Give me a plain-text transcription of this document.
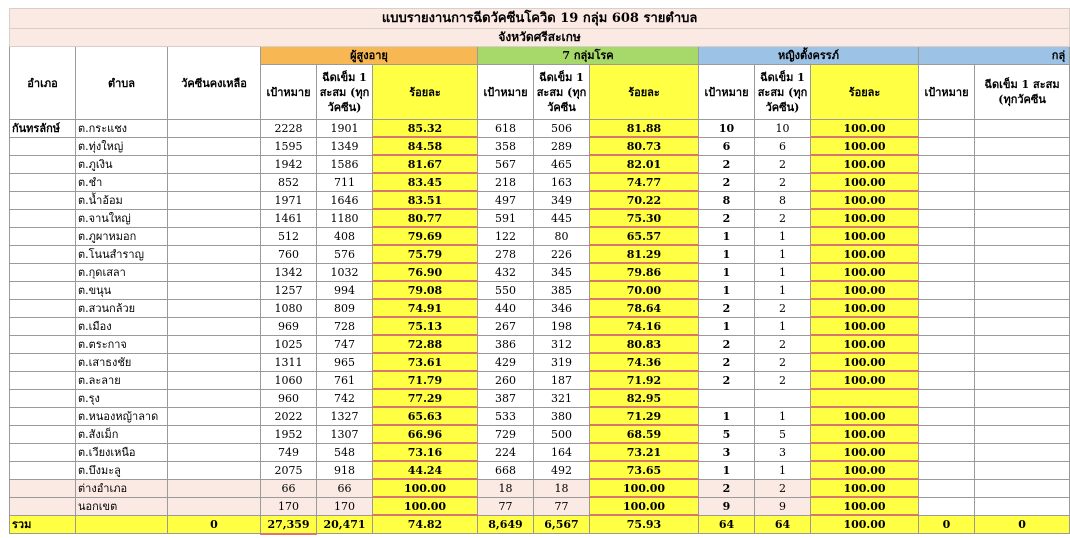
แบบรายงานการฉีดวัคซีนโควิด 19 กลุ่ม 608 รายตำบล													
จังหวัดศรีสะเกษ													
อำเภอ	ตำบล	วัคซีนคงเหลือ	ผู้สูงอายุ			7 กลุ่มโรค			หญิงตั้งครรภ์			กลุ่	
			เป้าหมาย	ฉีดเข็ม 1 สะสม (ทุกวัคซีน)	ร้อยละ	เป้าหมาย	ฉีดเข็ม 1 สะสม (ทุกวัคซีน	ร้อยละ	เป้าหมาย	ฉีดเข็ม 1 สะสม (ทุกวัคซีน)	ร้อยละ	เป้าหมาย	ฉีดเข็ม 1 สะสม (ทุกวัคซีน
กันทรลักษ์	ต.กระแชง		2228	1901	85.32	618	506	81.88	10	10	100.00		
	ต.ทุ่งใหญ่		1595	1349	84.58	358	289	80.73	6	6	100.00		
	ต.ภูเงิน		1942	1586	81.67	567	465	82.01	2	2	100.00		
	ต.ชำ		852	711	83.45	218	163	74.77	2	2	100.00		
	ต.น้ำอ้อม		1971	1646	83.51	497	349	70.22	8	8	100.00		
	ต.จานใหญ่		1461	1180	80.77	591	445	75.30	2	2	100.00		
	ต.ภูผาหมอก		512	408	79.69	122	80	65.57	1	1	100.00		
	ต.โนนสำราญ		760	576	75.79	278	226	81.29	1	1	100.00		
	ต.กุดเสลา		1342	1032	76.90	432	345	79.86	1	1	100.00		
	ต.ขนุน		1257	994	79.08	550	385	70.00	1	1	100.00		
	ต.สวนกล้วย		1080	809	74.91	440	346	78.64	2	2	100.00		
	ต.เมือง		969	728	75.13	267	198	74.16	1	1	100.00		
	ต.ตระกาจ		1025	747	72.88	386	312	80.83	2	2	100.00		
	ต.เสาธงชัย		1311	965	73.61	429	319	74.36	2	2	100.00		
	ต.ละลาย		1060	761	71.79	260	187	71.92	2	2	100.00		
	ต.รุง		960	742	77.29	387	321	82.95					
	ต.หนองหญ้าลาด		2022	1327	65.63	533	380	71.29	1	1	100.00		
	ต.สังเม็ก		1952	1307	66.96	729	500	68.59	5	5	100.00		
	ต.เวียงเหนือ		749	548	73.16	224	164	73.21	3	3	100.00		
	ต.บึงมะลู		2075	918	44.24	668	492	73.65	1	1	100.00		
	ต่างอำเภอ		66	66	100.00	18	18	100.00	2	2	100.00		
	นอกเขต		170	170	100.00	77	77	100.00	9	9	100.00		
รวม		0	27,359	20,471	74.82	8,649	6,567	75.93	64	64	100.00	0	0
